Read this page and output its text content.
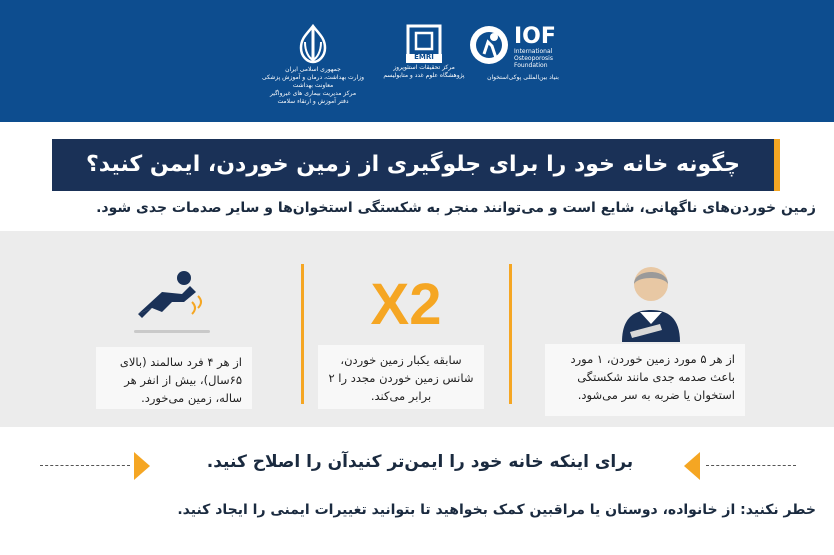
جمهوری اسلامی ایران
وزارت بهداشت، درمان و آموزش پزشکی
معاونت بهداشت
مرکز مدیریت بیماری های غیرواگیر
دفتر آموزش و ارتقاء سلامت
EMRI
مرکز تحقیقات استئوپروز
پژوهشگاه علوم غدد و متابولیسم
IOF
International
Osteoporosis
Foundation
بنیاد بین‌المللی پوکی‌استخوان
چگونه خانه خود را برای جلوگیری از زمین خوردن، ایمن کنید؟
زمین خوردن‌های ناگهانی، شایع است و می‌توانند منجر به شکستگی استخوان‌ها و سایر صدمات جدی شود.
از هر ۵ مورد زمین خوردن، ۱ مورد باعث صدمه جدی مانند شکستگی استخوان یا ضربه به سر می‌شود.
X2
سابقه یکبار زمین خوردن، شانس زمین خوردن مجدد را ۲ برابر می‌کند.
از هر ۴ فرد سالمند (بالای ۶۵سال)، بیش از انفر هر ساله، زمین می‌خورد.
برای اینکه خانه خود را ایمن‌تر کنیدآن را اصلاح کنید.
خطر نکنید: از خانواده، دوستان یا مراقبین کمک بخواهید تا بتوانید تغییرات ایمنی را ایجاد کنید.
